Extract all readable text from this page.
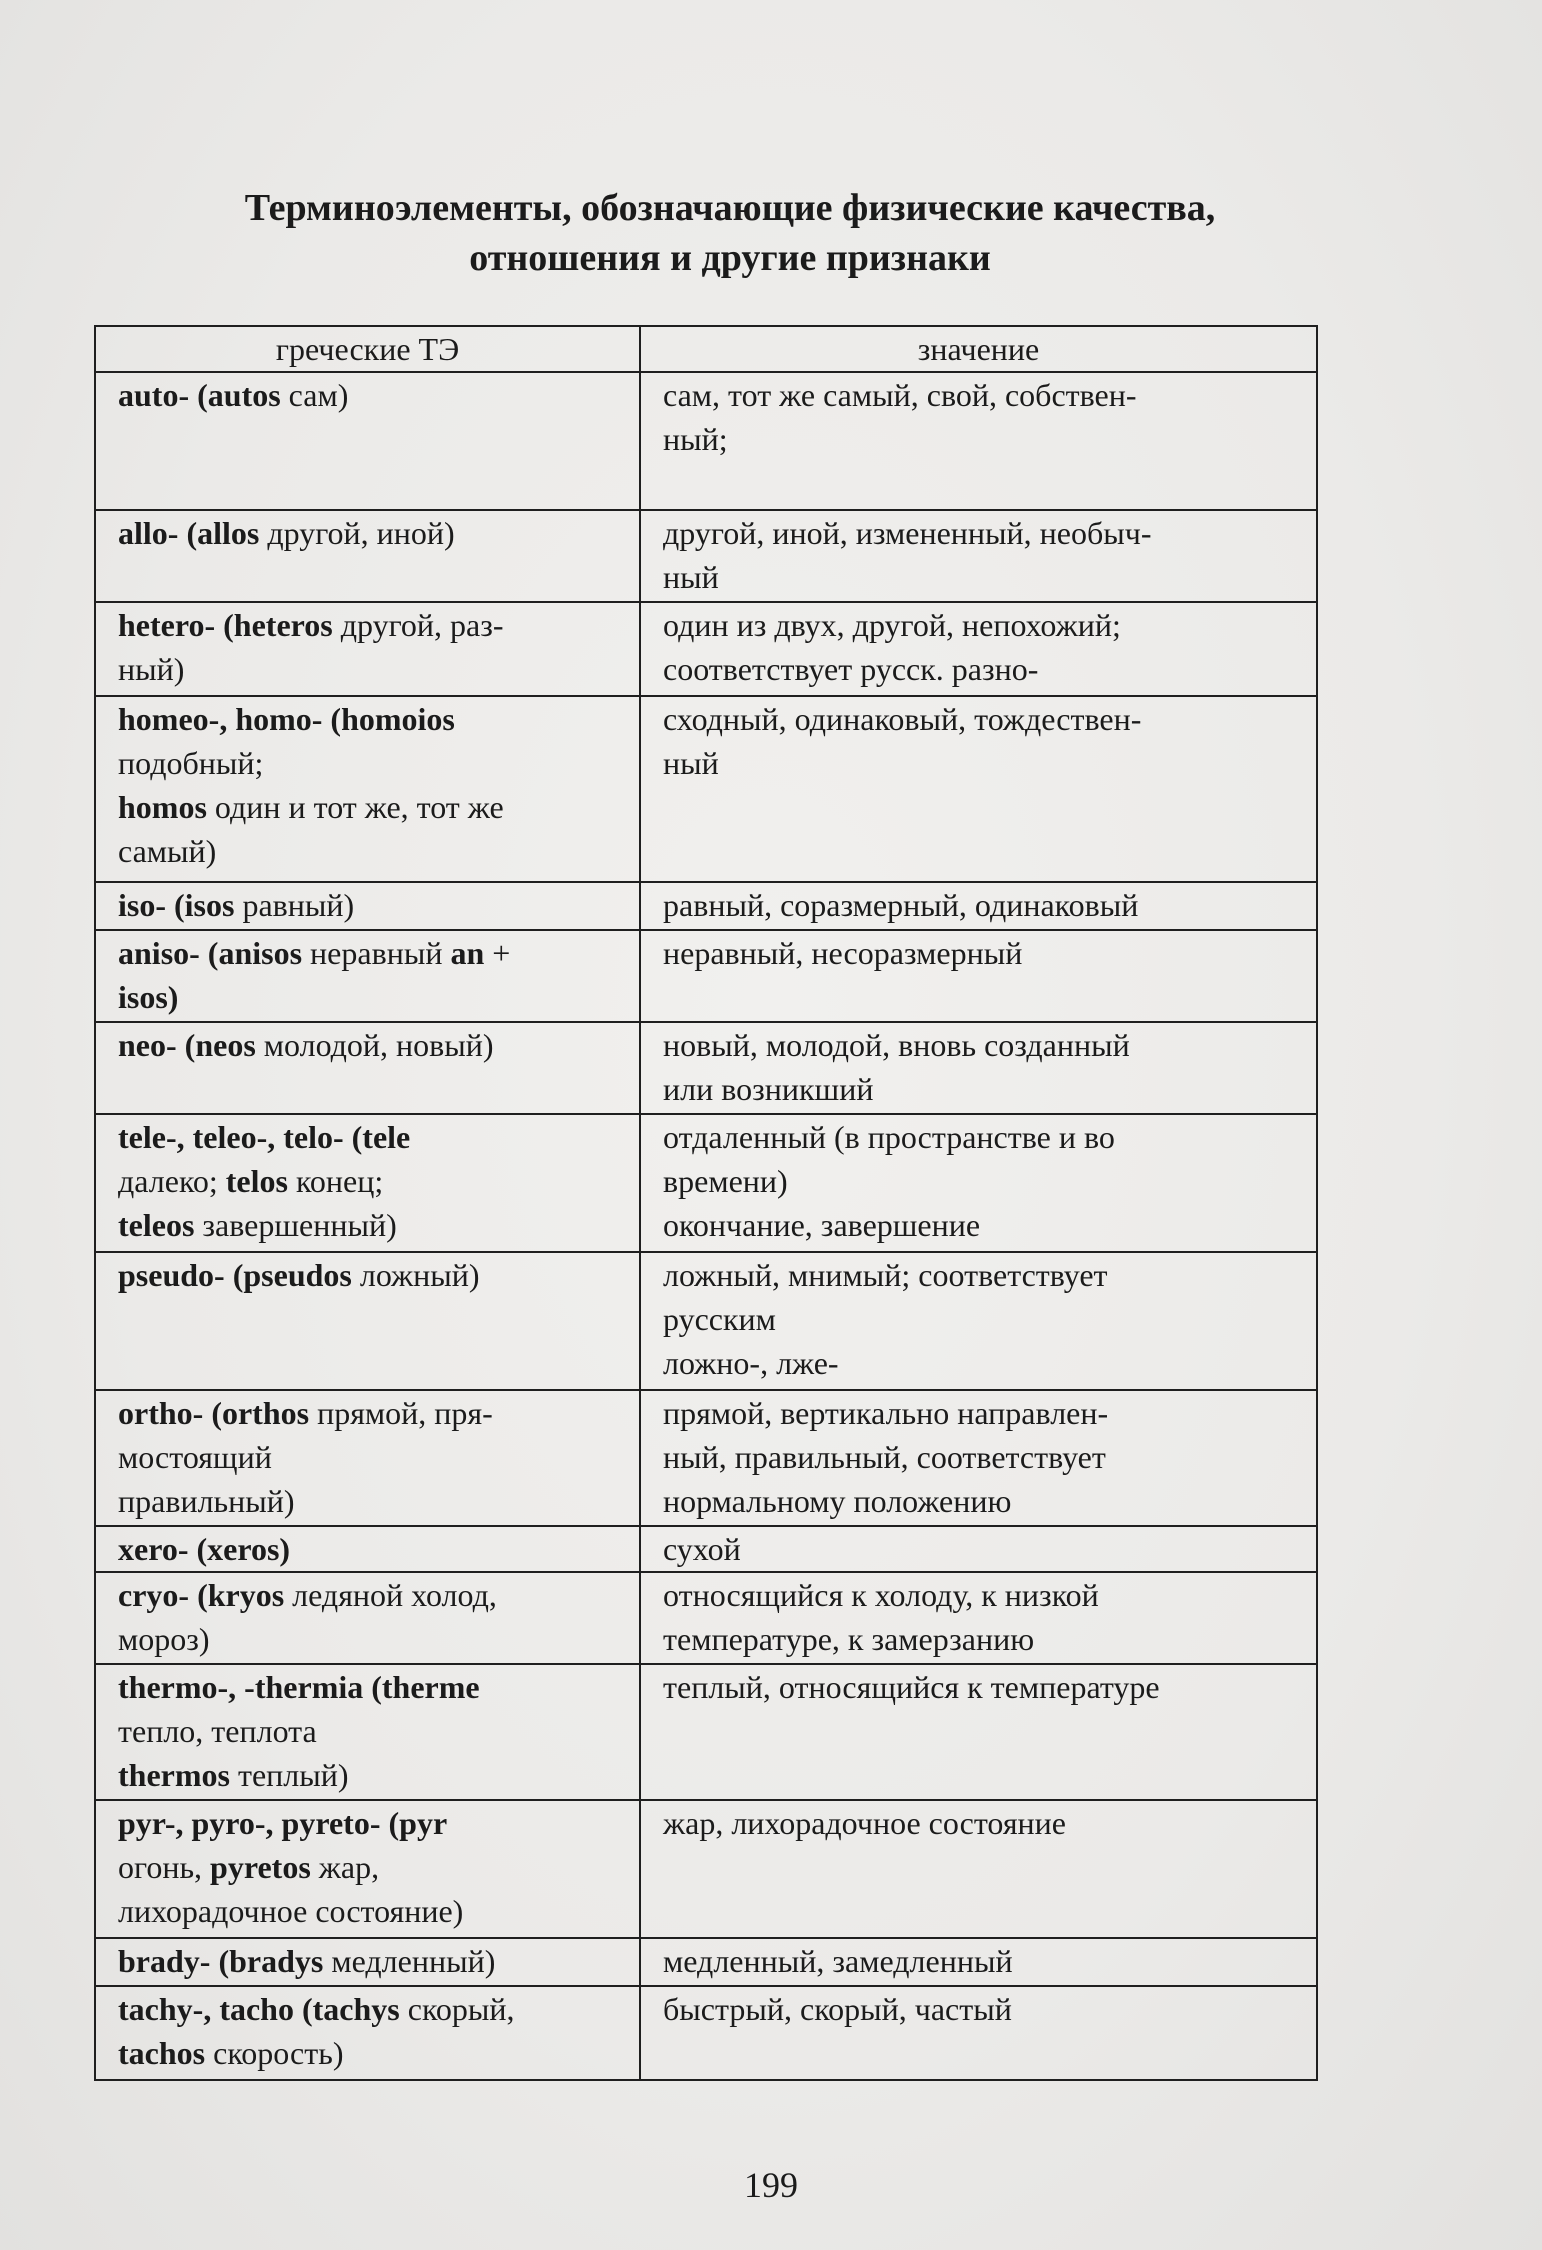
Терминоэлементы, обозначающие физические качества,
отношения и другие признаки
греческие ТЭ	значение

auto- (autos сам)	сам, тот же самый, свой, собствен-
ный;

allo- (allos другой, иной)	другой, иной, измененный, необыч-
ный

hetero- (heteros другой, раз-
ный)	один из двух, другой, непохожий;
соответствует русск. разно-

homeo-, homo- (homoios
подобный;
homos один и тот же, тот же
самый)	сходный, одинаковый, тождествен-
ный

iso- (isos равный)	равный, соразмерный, одинаковый

aniso- (anisos неравный an +
isos)	неравный, несоразмерный

neo- (neos молодой, новый)	новый, молодой, вновь созданный
или возникший

tele-, teleo-, telo- (tele
далеко; telos конец;
teleos завершенный)	отдаленный (в пространстве и во
времени)
окончание, завершение

pseudo- (pseudos ложный)	ложный, мнимый; соответствует
русским
ложно-, лже-

ortho- (orthos прямой, пря-
мостоящий
правильный)	прямой, вертикально направлен-
ный, правильный, соответствует
нормальному положению

xero- (xeros)	сухой

cryo- (kryos ледяной холод,
мороз)	относящийся к холоду, к низкой
температуре, к замерзанию

thermo-, -thermia (therme
тепло, теплота
thermos теплый)	теплый, относящийся к температуре

pyr-, pyro-, pyreto- (pyr
огонь, pyretos жар,
лихорадочное состояние)	жар, лихорадочное состояние

brady- (bradys медленный)	медленный, замедленный

tachy-, tacho (tachys скорый,
tachos скорость)	быстрый, скорый, частый
199
